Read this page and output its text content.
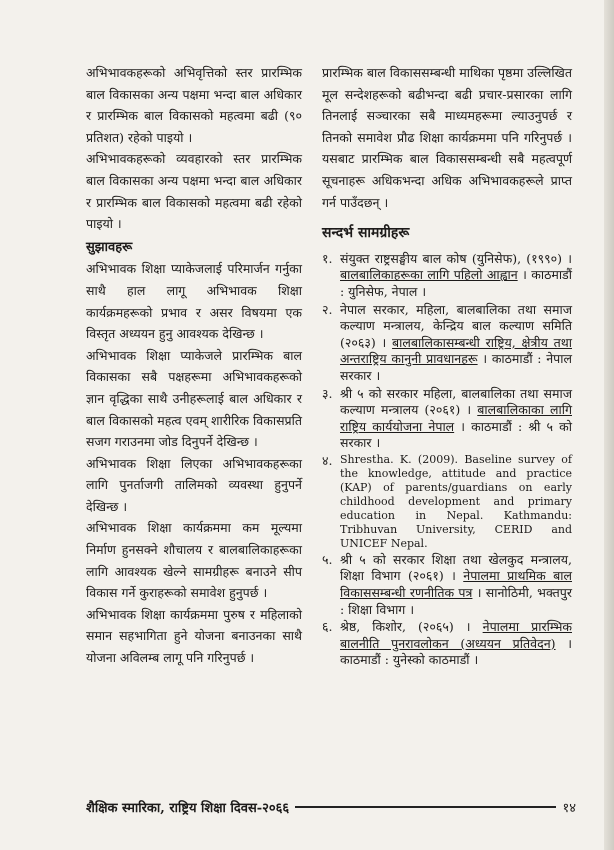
अभिभावकहरूको अभिवृत्तिको स्तर प्रारम्भिक बाल विकासका अन्य पक्षमा भन्दा बाल अधिकार र प्रारम्भिक बाल विकासको महत्वमा बढी (९० प्रतिशत) रहेको पाइयो ।

अभिभावकहरूको व्यवहारको स्तर प्रारम्भिक बाल विकासका अन्य पक्षमा भन्दा बाल अधिकार र प्रारम्भिक बाल विकासको महत्वमा बढी रहेको पाइयो ।

सुझावहरू

अभिभावक शिक्षा प्याकेजलाई परिमार्जन गर्नुका साथै हाल लागू अभिभावक शिक्षा कार्यक्रमहरूको प्रभाव र असर विषयमा एक विस्तृत अध्ययन हुनु आवश्यक देखिन्छ ।

अभिभावक शिक्षा प्याकेजले प्रारम्भिक बाल विकासका सबै पक्षहरूमा अभिभावकहरूको ज्ञान वृद्धिका साथै उनीहरूलाई बाल अधिकार र बाल विकासको महत्व एवम् शारीरिक विकासप्रति सजग गराउनमा जोड दिनुपर्ने देखिन्छ ।

अभिभावक शिक्षा लिएका अभिभावकहरूका लागि पुनर्ताजगी तालिमको व्यवस्था हुनुपर्ने देखिन्छ ।

अभिभावक शिक्षा कार्यक्रममा कम मूल्यमा निर्माण हुनसक्ने शौचालय र बालबालिकाहरूका लागि आवश्यक खेल्ने सामग्रीहरू बनाउने सीप विकास गर्ने कुराहरूको समावेश हुनुपर्छ ।

अभिभावक शिक्षा कार्यक्रममा पुरुष र महिलाको समान सहभागिता हुने योजना बनाउनका साथै योजना अविलम्ब लागू पनि गरिनुपर्छ ।

प्रारम्भिक बाल विकाससम्बन्धी माथिका पृष्ठमा उल्लिखित मूल सन्देशहरूको बढीभन्दा बढी प्रचार-प्रसारका लागि तिनलाई सञ्चारका सबै माध्यमहरूमा ल्याउनुपर्छ र तिनको समावेश प्रौढ शिक्षा कार्यक्रममा पनि गरिनुपर्छ । यसबाट प्रारम्भिक बाल विकाससम्बन्धी सबै महत्वपूर्ण सूचनाहरू अधिकभन्दा अधिक अभिभावकहरूले प्राप्त गर्न पाउँदछन् ।

सन्दर्भ सामग्रीहरू

१. संयुक्त राष्ट्रसङ्घीय बाल कोष (युनिसेफ), (१९९०) । बालबालिकाहरूका लागि पहिलो आह्वान । काठमाडौं : युनिसेफ, नेपाल ।
२. नेपाल सरकार, महिला, बालबालिका तथा समाज कल्याण मन्त्रालय, केन्द्रिय बाल कल्याण समिति (२०६३) । बालबालिकासम्बन्धी राष्ट्रिय, क्षेत्रीय तथा अन्तराष्ट्रिय कानुनी प्रावधानहरू । काठमाडौं : नेपाल सरकार ।
३. श्री ५ को सरकार महिला, बालबालिका तथा समाज कल्याण मन्त्रालय (२०६१) । बालबालिकाका लागि राष्ट्रिय कार्ययोजना नेपाल । काठमाडौं : श्री ५ को सरकार ।
४. Shrestha. K. (2009). Baseline survey of the knowledge, attitude and practice (KAP) of parents/guardians on early childhood development and primary education in Nepal. Kathmandu: Tribhuvan University, CERID and UNICEF Nepal.
५. श्री ५ को सरकार शिक्षा तथा खेलकुद मन्त्रालय, शिक्षा विभाग (२०६१) । नेपालमा प्राथमिक बाल विकाससम्बन्धी रणनीतिक पत्र । सानोठिमी, भक्तपुर : शिक्षा विभाग ।
६. श्रेष्ठ, किशोर, (२०६५) । नेपालमा प्रारम्भिक बालनीति पुनरावलोकन (अध्ययन प्रतिवेदन) । काठमाडौं : युनेस्को काठमाडौं ।
शैक्षिक स्मारिका, राष्ट्रिय शिक्षा दिवस-२०६६	१४
